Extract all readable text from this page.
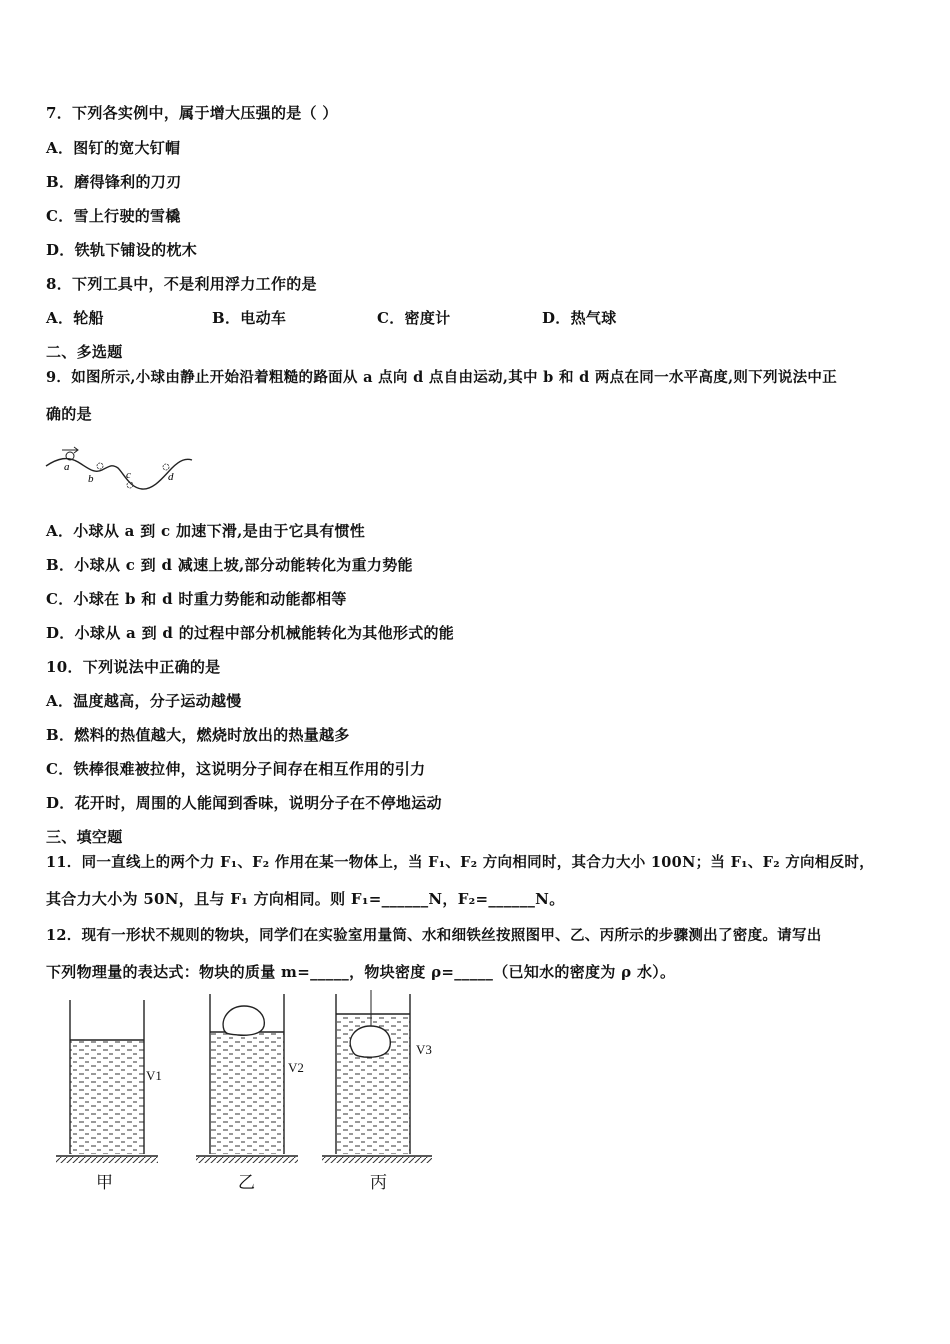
7．下列各实例中，属于增大压强的是（ ）
A．图钉的宽大钉帽
B．磨得锋利的刀刃
C．雪上行驶的雪橇
D．铁轨下铺设的枕木
8．下列工具中，不是利用浮力工作的是
A．轮船	B．电动车	C．密度计	D．热气球
二、多选题
9．如图所示,小球由静止开始沿着粗糙的路面从 a 点向 d 点自由运动,其中 b 和 d 两点在同一水平高度,则下列说法中正
确的是
a
b	c	d
A．小球从 a 到 c 加速下滑,是由于它具有惯性
B．小球从 c 到 d 减速上坡,部分动能转化为重力势能
C．小球在 b 和 d 时重力势能和动能都相等
D．小球从 a 到 d 的过程中部分机械能转化为其他形式的能
10．下列说法中正确的是
A．温度越高，分子运动越慢
B．燃料的热值越大，燃烧时放出的热量越多
C．铁棒很难被拉伸，这说明分子间存在相互作用的引力
D．花开时，周围的人能闻到香味，说明分子在不停地运动
三、填空题
11．同一直线上的两个力 F₁、F₂ 作用在某一物体上，当 F₁、F₂ 方向相同时，其合力大小 100N；当 F₁、F₂ 方向相反时，
其合力大小为 50N，且与 F₁ 方向相同。则 F₁=______N，F₂=______N。
12．现有一形状不规则的物块，同学们在实验室用量筒、水和细铁丝按照图甲、乙、丙所示的步骤测出了密度。请写出
下列物理量的表达式：物块的质量 m=_____，物块密度 ρ=_____（已知水的密度为 ρ 水）。
V1
V2
V3
甲	乙	丙
